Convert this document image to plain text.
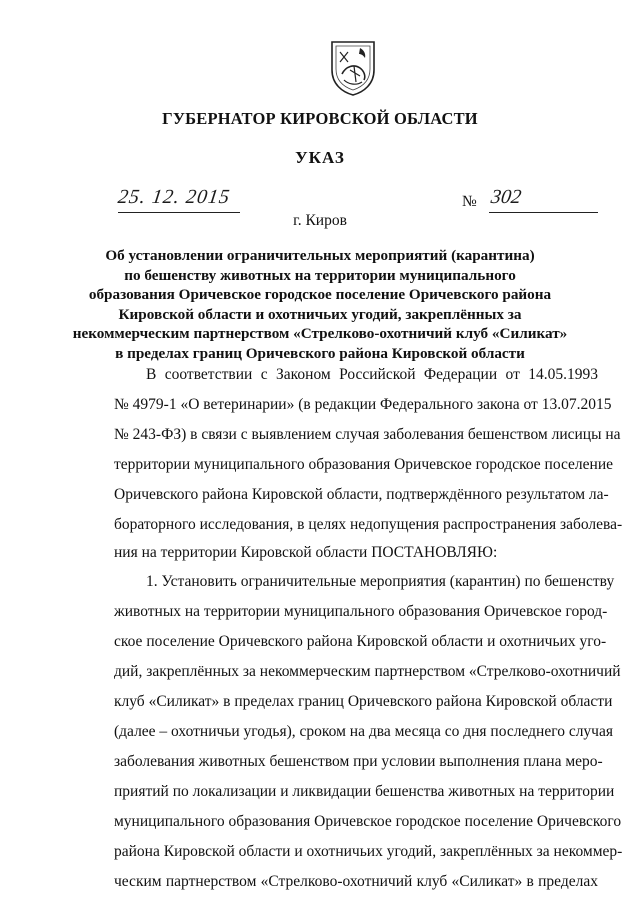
ГУБЕРНАТОР КИРОВСКОЙ ОБЛАСТИ
УКАЗ
25. 12. 2015	№ 302
г. Киров
Об установлении ограничительных мероприятий (карантина)
по бешенству животных на территории муниципального
образования Оричевское городское поселение Оричевского района
Кировской области и охотничьих угодий, закреплённых за
некоммерческим партнерством «Стрелково-охотничий клуб «Силикат»
в пределах границ Оричевского района Кировской области
В соответствии с Законом Российской Федерации от 14.05.1993
№ 4979-1 «О ветеринарии» (в редакции Федерального закона от 13.07.2015
№ 243-ФЗ) в связи с выявлением случая заболевания бешенством лисицы на
территории муниципального образования Оричевское городское поселение
Оричевского района Кировской области, подтверждённого результатом ла-
бораторного исследования, в целях недопущения распространения заболева-
ния на территории Кировской области ПОСТАНОВЛЯЮ:
1. Установить ограничительные мероприятия (карантин) по бешенству
животных на территории муниципального образования Оричевское город-
ское поселение Оричевского района Кировской области и охотничьих уго-
дий, закреплённых за некоммерческим партнерством «Стрелково-охотничий
клуб «Силикат» в пределах границ Оричевского района Кировской области
(далее – охотничьи угодья), сроком на два месяца со дня последнего случая
заболевания животных бешенством при условии выполнения плана меро-
приятий по локализации и ликвидации бешенства животных на территории
муниципального образования Оричевское городское поселение Оричевского
района Кировской области и охотничьих угодий, закреплённых за некоммер-
ческим партнерством «Стрелково-охотничий клуб «Силикат» в пределах
